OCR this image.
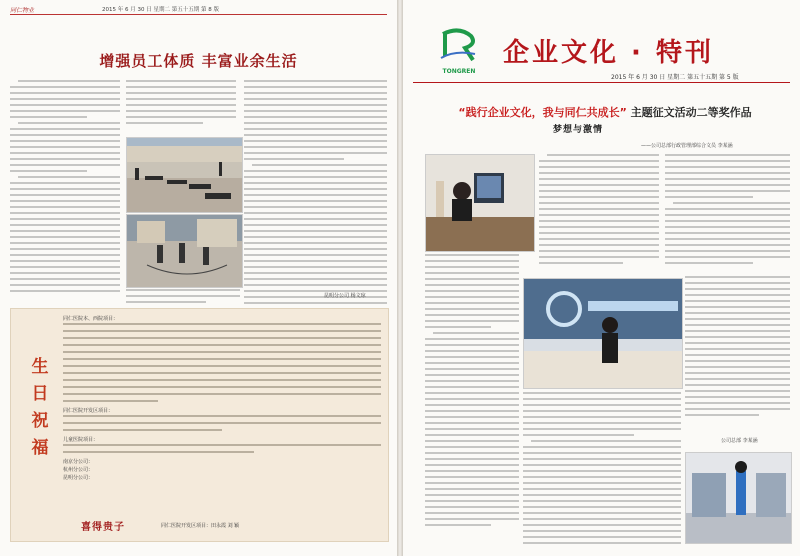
同仁物业	2015 年 6 月 30 日 星期二 第五十五期 第 8 版
增强员工体质 丰富业余生活
昆明分公司 杨文琼
生日祝福
同仁医院本、西院项目：
同仁医院开发区项目：
儿童医院项目：
南京分公司：
杭州分公司：
昆明分公司：
喜得贵子	同仁医院开发区项目：田永霞 刘 颖
TONGREN
企业文化 · 特刊
2015 年 6 月 30 日 星期二 第五十五期 第 5 版
“践行企业文化，我与同仁共成长” 主题征文活动二等奖作品
梦想与激情
——公司总部行政管理部综合文员 李某涵
公司总部 李某涵
